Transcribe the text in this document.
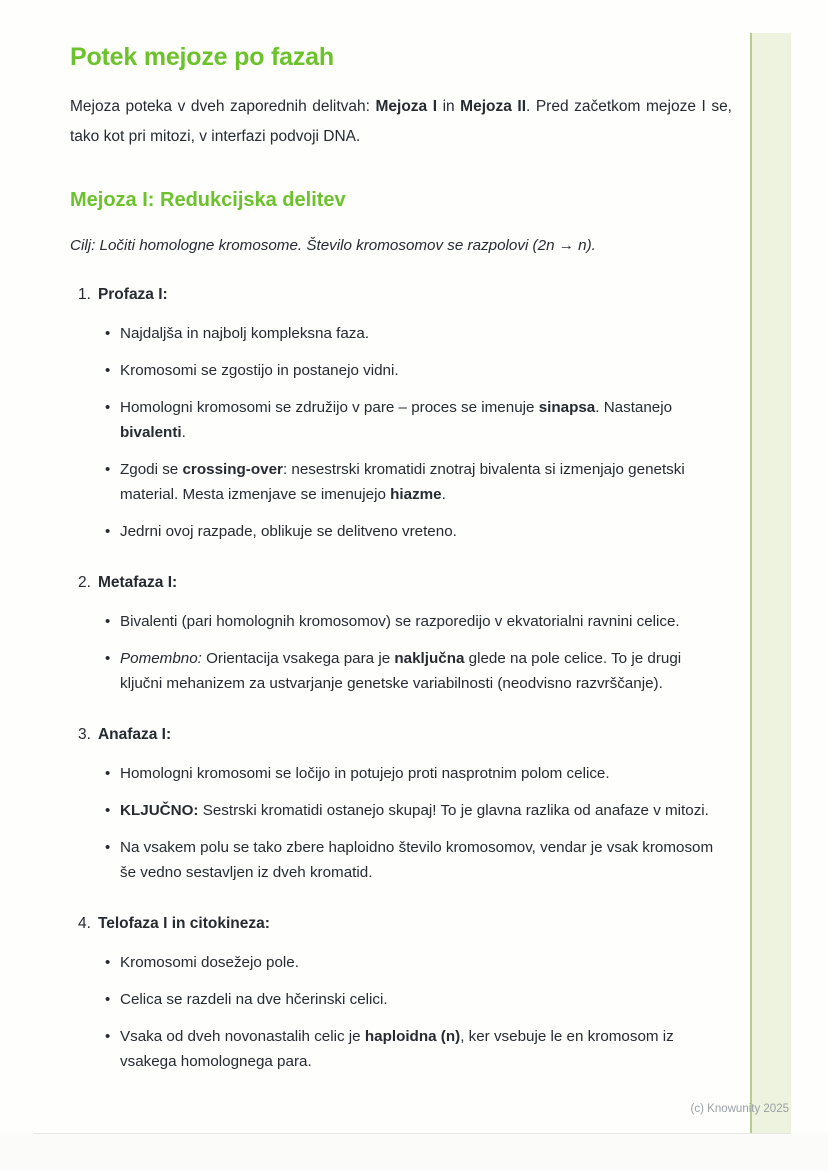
Potek mejoze po fazah

Mejoza poteka v dveh zaporednih delitvah: Mejoza I in Mejoza II. Pred začetkom mejoze I se, tako kot pri mitozi, v interfazi podvoji DNA.

Mejoza I: Redukcijska delitev

Cilj: Ločiti homologne kromosome. Število kromosomov se razpolovi (2n → n).

1. Profaza I:
• Najdaljša in najbolj kompleksna faza.
• Kromosomi se zgostijo in postanejo vidni.
• Homologni kromosomi se združijo v pare – proces se imenuje sinapsa. Nastanejo bivalenti.
• Zgodi se crossing-over: nesestrski kromatidi znotraj bivalenta si izmenjajo genetski material. Mesta izmenjave se imenujejo hiazme.
• Jedrni ovoj razpade, oblikuje se delitveno vreteno.
2. Metafaza I:
• Bivalenti (pari homolognih kromosomov) se razporedijo v ekvatorialni ravnini celice.
• Pomembno: Orientacija vsakega para je naključna glede na pole celice. To je drugi ključni mehanizem za ustvarjanje genetske variabilnosti (neodvisno razvrščanje).
3. Anafaza I:
• Homologni kromosomi se ločijo in potujejo proti nasprotnim polom celice.
• KLJUČNO: Sestrski kromatidi ostanejo skupaj! To je glavna razlika od anafaze v mitozi.
• Na vsakem polu se tako zbere haploidno število kromosomov, vendar je vsak kromosom še vedno sestavljen iz dveh kromatid.
4. Telofaza I in citokineza:
• Kromosomi dosežejo pole.
• Celica se razdeli na dve hčerinski celici.
• Vsaka od dveh novonastalih celic je haploidna (n), ker vsebuje le en kromosom iz vsakega homolognega para.
(c) Knowunity 2025
